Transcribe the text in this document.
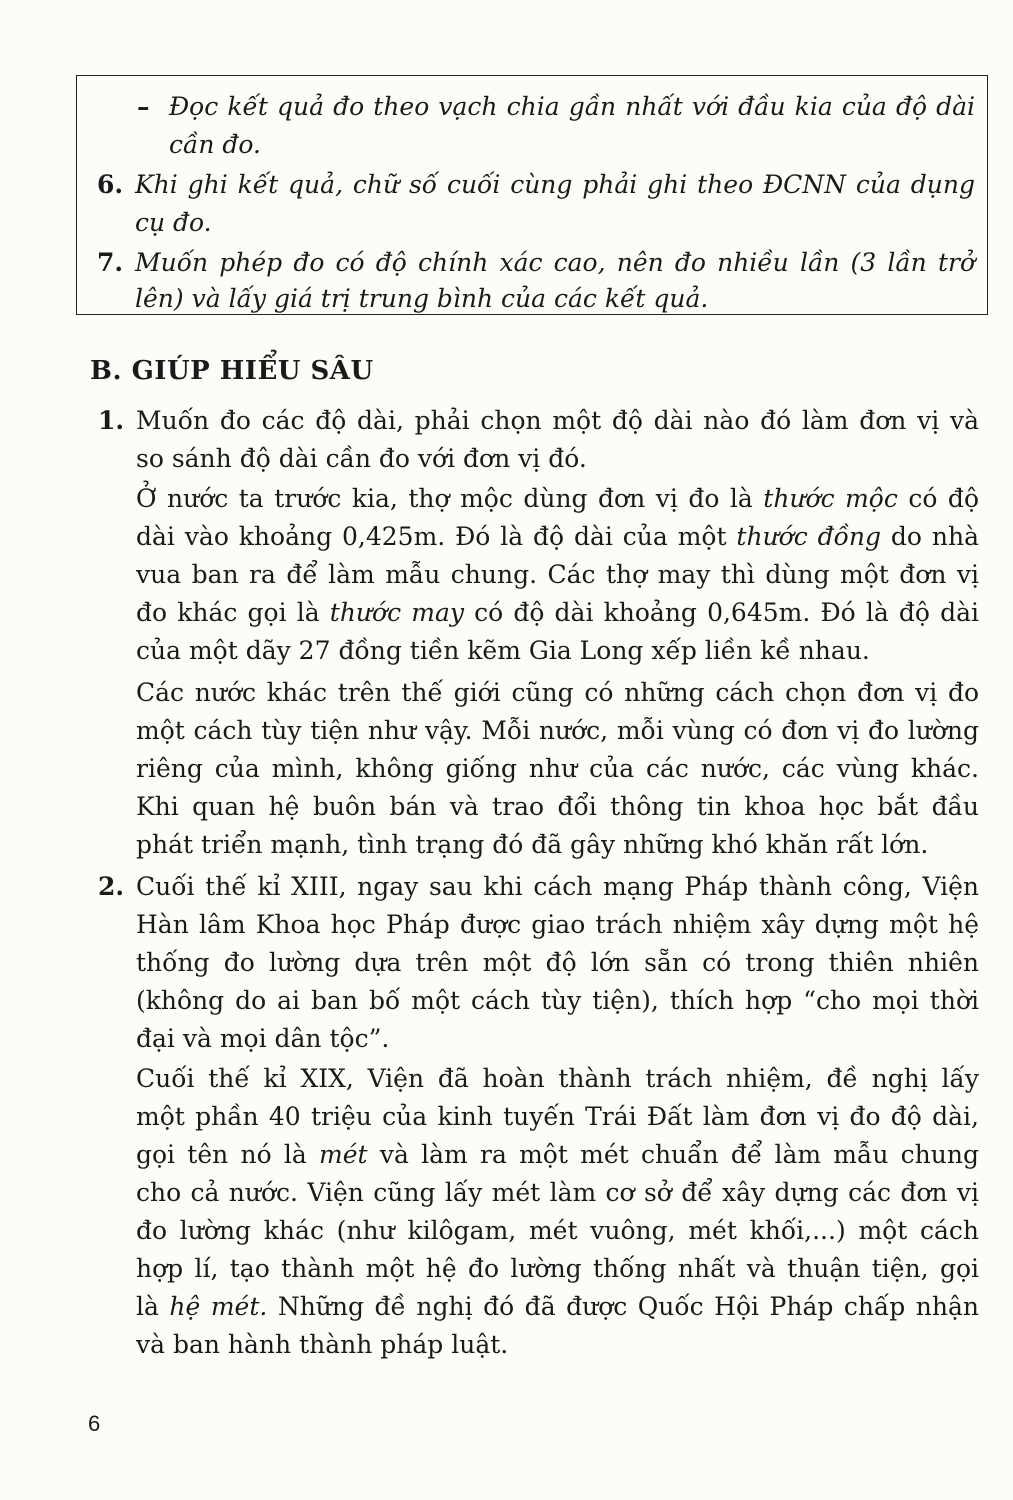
– Đọc kết quả đo theo vạch chia gần nhất với đầu kia của độ dài
cần đo.
6. Khi ghi kết quả, chữ số cuối cùng phải ghi theo ĐCNN của dụng
cụ đo.
7. Muốn phép đo có độ chính xác cao, nên đo nhiều lần (3 lần trở
lên) và lấy giá trị trung bình của các kết quả.
B. GIÚP HIỂU SÂU
1. Muốn đo các độ dài, phải chọn một độ dài nào đó làm đơn vị và
so sánh độ dài cần đo với đơn vị đó.
Ở nước ta trước kia, thợ mộc dùng đơn vị đo là thước mộc có độ
dài vào khoảng 0,425m. Đó là độ dài của một thước đồng do nhà
vua ban ra để làm mẫu chung. Các thợ may thì dùng một đơn vị
đo khác gọi là thước may có độ dài khoảng 0,645m. Đó là độ dài
của một dãy 27 đồng tiền kẽm Gia Long xếp liền kề nhau.
Các nước khác trên thế giới cũng có những cách chọn đơn vị đo
một cách tùy tiện như vậy. Mỗi nước, mỗi vùng có đơn vị đo lường
riêng của mình, không giống như của các nước, các vùng khác.
Khi quan hệ buôn bán và trao đổi thông tin khoa học bắt đầu
phát triển mạnh, tình trạng đó đã gây những khó khăn rất lớn.
2. Cuối thế kỉ XIII, ngay sau khi cách mạng Pháp thành công, Viện
Hàn lâm Khoa học Pháp được giao trách nhiệm xây dựng một hệ
thống đo lường dựa trên một độ lớn sẵn có trong thiên nhiên
(không do ai ban bố một cách tùy tiện), thích hợp “cho mọi thời
đại và mọi dân tộc”.
Cuối thế kỉ XIX, Viện đã hoàn thành trách nhiệm, đề nghị lấy
một phần 40 triệu của kinh tuyến Trái Đất làm đơn vị đo độ dài,
gọi tên nó là mét và làm ra một mét chuẩn để làm mẫu chung
cho cả nước. Viện cũng lấy mét làm cơ sở để xây dựng các đơn vị
đo lường khác (như kilôgam, mét vuông, mét khối,...) một cách
hợp lí, tạo thành một hệ đo lường thống nhất và thuận tiện, gọi
là hệ mét. Những đề nghị đó đã được Quốc Hội Pháp chấp nhận
và ban hành thành pháp luật.
6
